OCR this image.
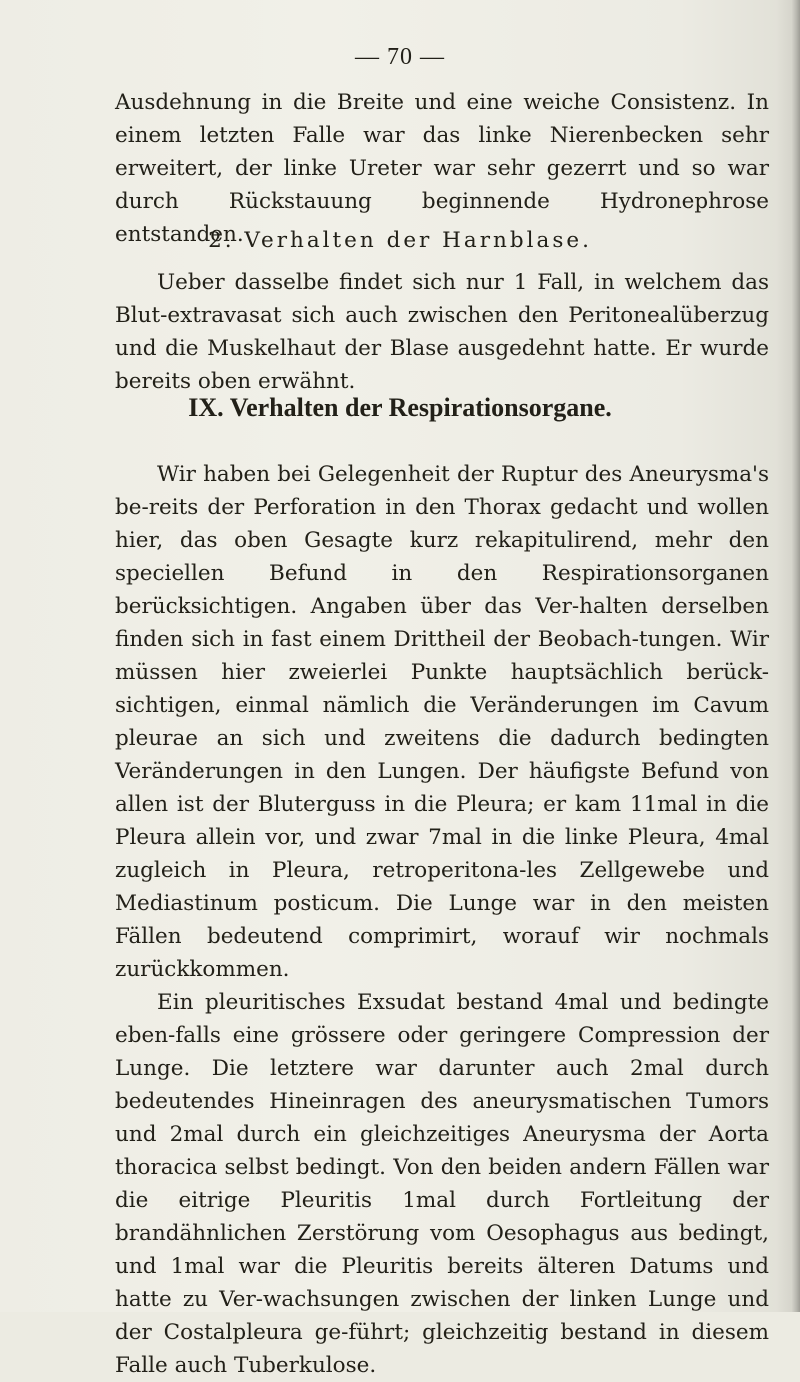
— 70 —

Ausdehnung in die Breite und eine weiche Consistenz. In einem letzten Falle war das linke Nierenbecken sehr erweitert, der linke Ureter war sehr gezerrt und so war durch Rückstauung beginnende Hydronephrose entstanden.

2. Verhalten der Harnblase.

Ueber dasselbe findet sich nur 1 Fall, in welchem das Blut-extravasat sich auch zwischen den Peritonealüberzug und die Muskelhaut der Blase ausgedehnt hatte. Er wurde bereits oben erwähnt.

IX. Verhalten der Respirationsorgane.

Wir haben bei Gelegenheit der Ruptur des Aneurysma's be-reits der Perforation in den Thorax gedacht und wollen hier, das oben Gesagte kurz rekapitulirend, mehr den speciellen Befund in den Respirationsorganen berücksichtigen. Angaben über das Ver-halten derselben finden sich in fast einem Drittheil der Beobach-tungen. Wir müssen hier zweierlei Punkte hauptsächlich berück-sichtigen, einmal nämlich die Veränderungen im Cavum pleurae an sich und zweitens die dadurch bedingten Veränderungen in den Lungen. Der häufigste Befund von allen ist der Bluterguss in die Pleura; er kam 11mal in die Pleura allein vor, und zwar 7mal in die linke Pleura, 4mal zugleich in Pleura, retroperitona-les Zellgewebe und Mediastinum posticum. Die Lunge war in den meisten Fällen bedeutend comprimirt, worauf wir nochmals zurückkommen.

Ein pleuritisches Exsudat bestand 4mal und bedingte eben-falls eine grössere oder geringere Compression der Lunge. Die letztere war darunter auch 2mal durch bedeutendes Hineinragen des aneurysmatischen Tumors und 2mal durch ein gleichzeitiges Aneurysma der Aorta thoracica selbst bedingt. Von den beiden andern Fällen war die eitrige Pleuritis 1mal durch Fortleitung der brandähnlichen Zerstörung vom Oesophagus aus bedingt, und 1mal war die Pleuritis bereits älteren Datums und hatte zu Ver-wachsungen zwischen der linken Lunge und der Costalpleura ge-führt; gleichzeitig bestand in diesem Falle auch Tuberkulose.
